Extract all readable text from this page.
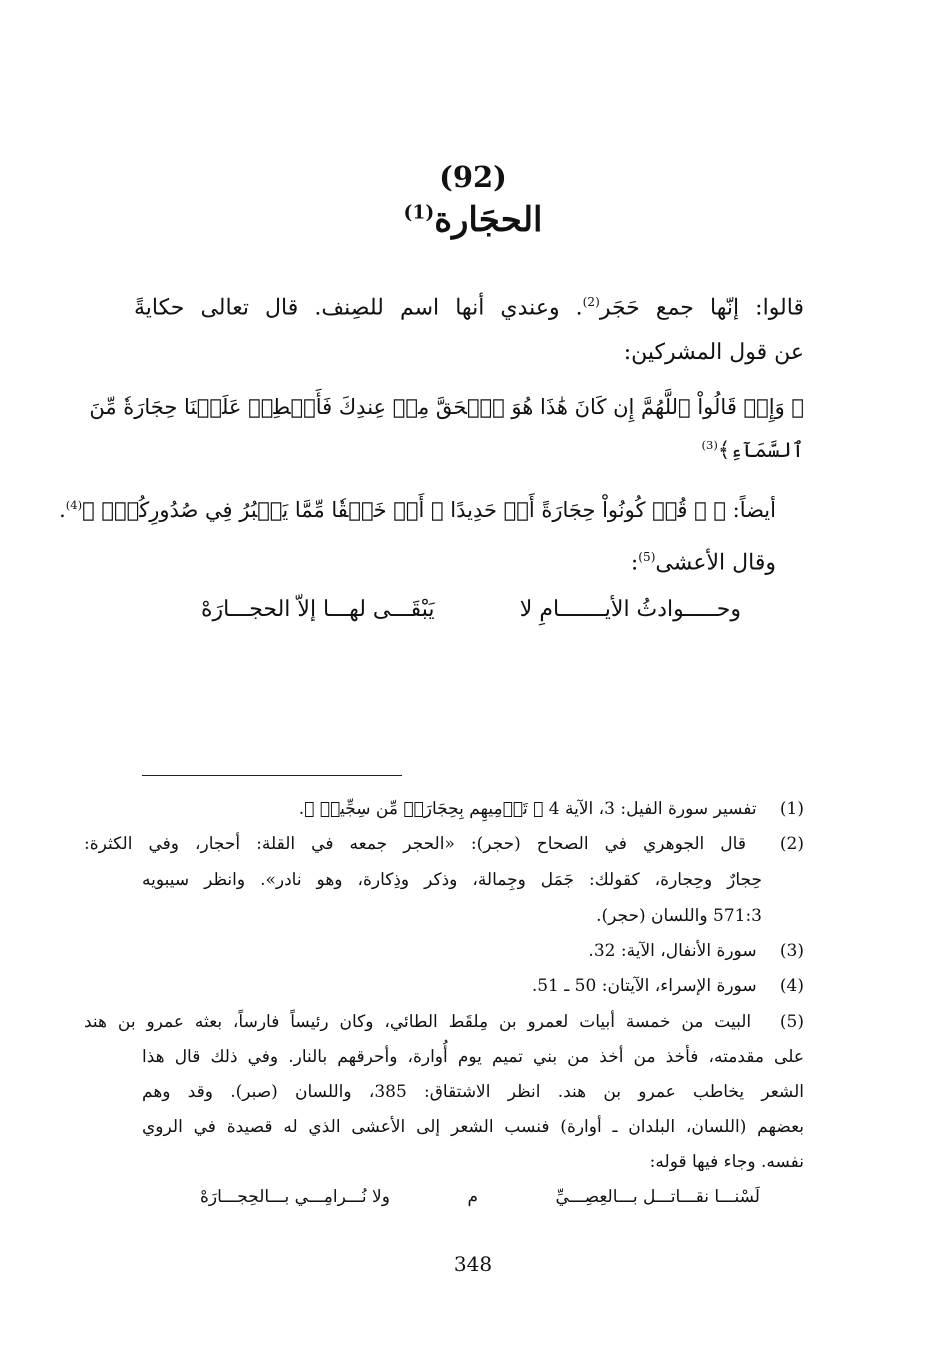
(92)
الحجَارة$^{(1)}$
قالوا: إنّها جمع حَجَر$^{(2)}$. وعندي أنها اسم للصِنف. قال تعالى حكايةً
عن قول المشركين:
﴿ وَإِذۡ قَالُواْ ٱللَّهُمَّ إِن كَانَ هَٰذَا هُوَ ٱلۡحَقَّ مِنۡ عِندِكَ فَأَمۡطِرۡ عَلَيۡنَا حِجَارَةٗ مِّنَ
ٱلسَّمَآءِ﴾$^{(3)}$
أيضاً: ﴿ ۞ قُلۡ كُونُواْ حِجَارَةً أَوۡ حَدِيدًا ۞ أَوۡ خَلۡقٗا مِّمَّا يَكۡبُرُ فِي صُدُورِكُمۡۚ ﴾$^{(4)}$.
وقال الأعشى$^{(5)}$:
وحـــــوادثُ الأيـــــــامِ لا
يَبْقَـــى لهـــا إلاّ الحجـــارَهْ
(1) تفسير سورة الفيل: 3، الآية 4 ﴿ تَرۡمِيهِم بِحِجَارَةٖ مِّن سِجِّيلٖ ﴾.
(2) قال الجوهري في الصحاح (حجر): «الحجر جمعه في القلة: أحجار، وفي الكثرة:
حِجارٌ وحِجارة، كقولك: جَمَل وجِمالة، وذكر وذِكارة، وهو نادر». وانظر سيبويه
571:3 واللسان (حجر).
(3) سورة الأنفال، الآية: 32.
(4) سورة الإسراء، الآيتان: 50 ـ 51.
(5) البيت من خمسة أبيات لعمرو بن مِلقَط الطائي، وكان رئيساً فارساً، بعثه عمرو بن هند
على مقدمته، فأخذ من أخذ من بني تميم يوم أُوارة، وأحرقهم بالنار. وفي ذلك قال هذا
الشعر يخاطب عمرو بن هند. انظر الاشتقاق: 385، واللسان (صبر). وقد وهم
بعضهم (اللسان، البلدان ـ أوارة) فنسب الشعر إلى الأعشى الذي له قصيدة في الروي
نفسه. وجاء فيها قوله:
لَسْنـــا نقـــاتـــل بـــالعِصِـــيِّ
م
ولا نُـــرامِـــي بـــالحِجـــارَهْ
348
